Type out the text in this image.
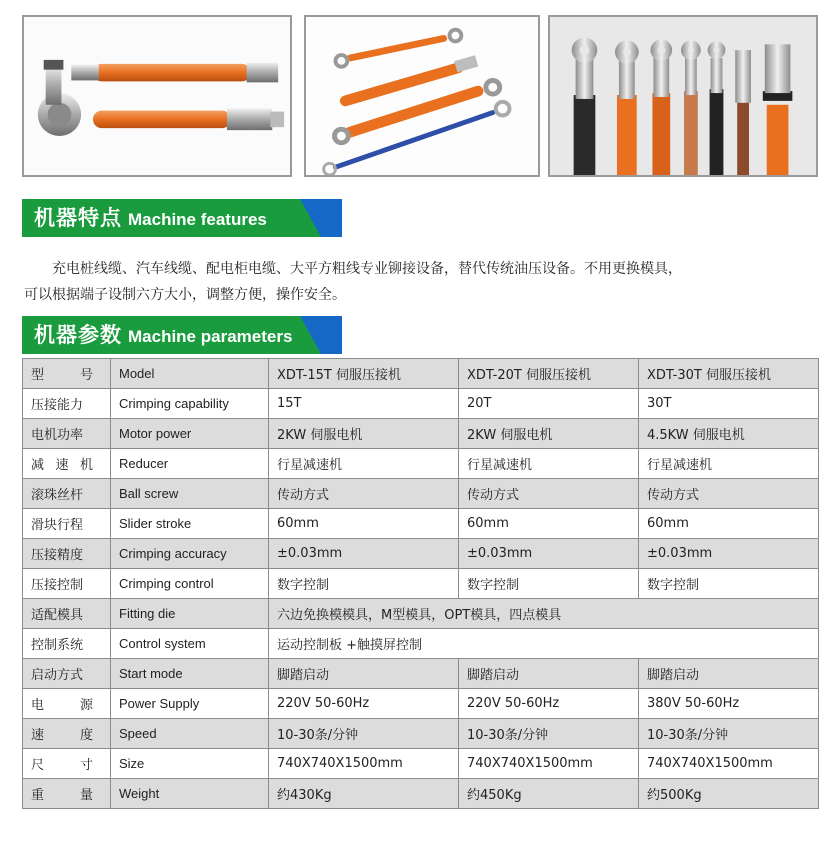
机器特点 Machine features

充电桩线缆、汽车线缆、配电柜电缆、大平方粗线专业铆接设备，替代传统油压设备。不用更换模具，

可以根据端子设制六方大小，调整方便，操作安全。

机器参数 Machine parameters
型 号	Model	XDT-15T 伺服压接机	XDT-20T 伺服压接机	XDT-30T 伺服压接机
压接能力	Crimping capability	15T	20T	30T
电机功率	Motor power	2KW 伺服电机	2KW 伺服电机	4.5KW 伺服电机

减 速 机	Reducer	行星减速机	行星减速机	行星减速机
滚珠丝杆	Ball screw	传动方式	传动方式	传动方式
滑块行程	Slider stroke	60mm	60mm	60mm
压接精度	Crimping accuracy	±0.03mm	±0.03mm	±0.03mm
压接控制	Crimping control	数字控制	数字控制	数字控制
适配模具	Fitting die	六边免换模模具，M型模具，OPT模具，四点模具		
控制系统	Control system	运动控制板 +触摸屏控制		
启动方式	Start mode	脚踏启动	脚踏启动	脚踏启动

电 源	Power Supply	220V 50-60Hz	220V 50-60Hz	380V 50-60Hz

速 度	Speed	10-30条/分钟	10-30条/分钟	10-30条/分钟

尺 寸	Size	740X740X1500mm	740X740X1500mm	740X740X1500mm

重 量	Weight	约430Kg	约450Kg	约500Kg
